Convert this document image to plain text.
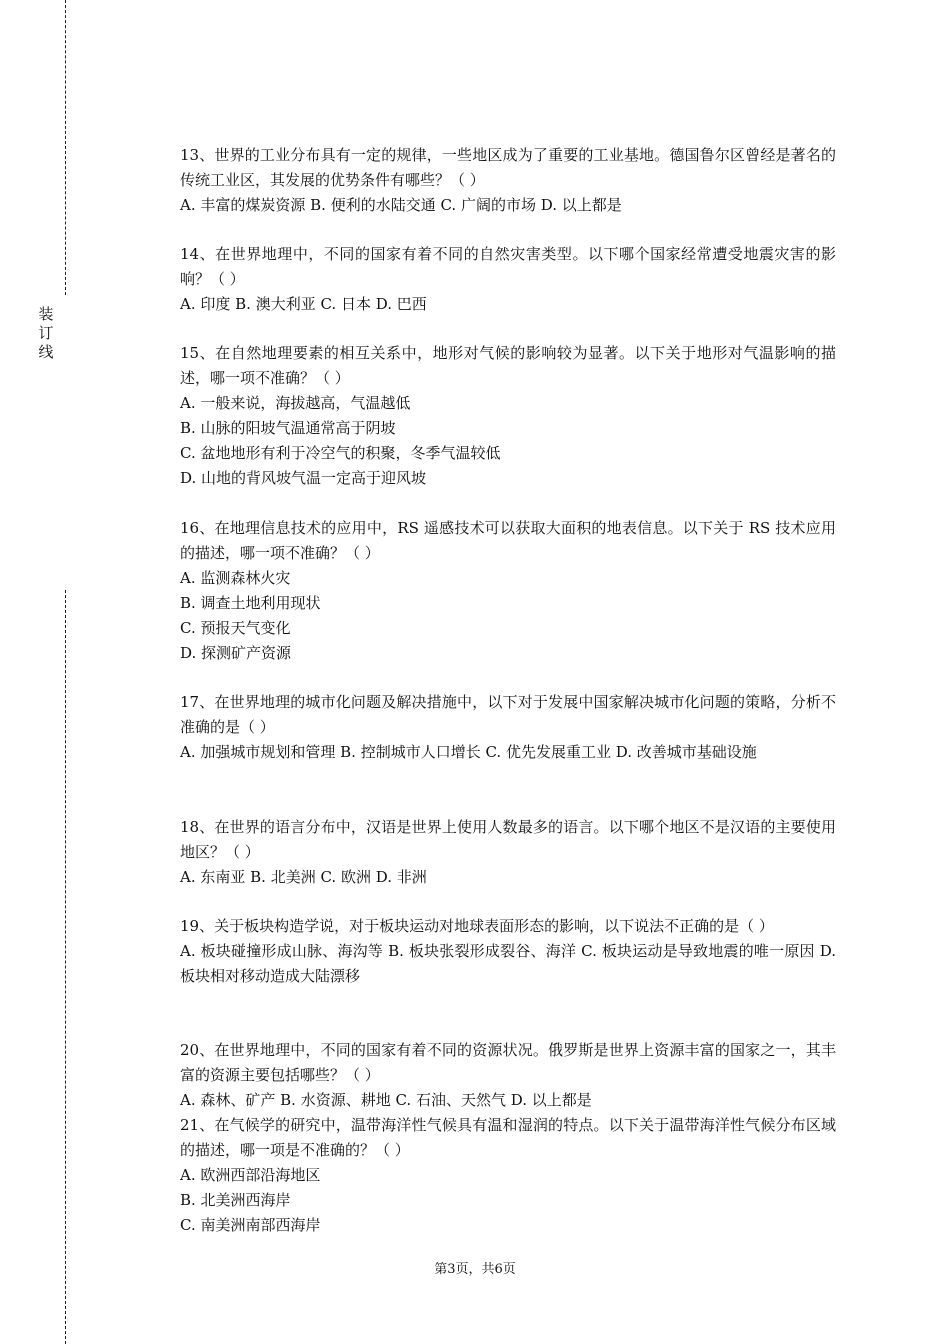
装订线

13、世界的工业分布具有一定的规律，一些地区成为了重要的工业基地。德国鲁尔区曾经是著名的传统工业区，其发展的优势条件有哪些？（ ）

A. 丰富的煤炭资源 B. 便利的水陆交通 C. 广阔的市场 D. 以上都是

14、在世界地理中，不同的国家有着不同的自然灾害类型。以下哪个国家经常遭受地震灾害的影响？（ ）

A. 印度 B. 澳大利亚 C. 日本 D. 巴西

15、在自然地理要素的相互关系中，地形对气候的影响较为显著。以下关于地形对气温影响的描述，哪一项不准确？（ ）

A. 一般来说，海拔越高，气温越低

B. 山脉的阳坡气温通常高于阴坡

C. 盆地地形有利于冷空气的积聚，冬季气温较低

D. 山地的背风坡气温一定高于迎风坡

16、在地理信息技术的应用中，RS 遥感技术可以获取大面积的地表信息。以下关于 RS 技术应用的描述，哪一项不准确？（ ）

A. 监测森林火灾

B. 调查土地利用现状

C. 预报天气变化

D. 探测矿产资源

17、在世界地理的城市化问题及解决措施中，以下对于发展中国家解决城市化问题的策略，分析不准确的是（ ）

A. 加强城市规划和管理 B. 控制城市人口增长 C. 优先发展重工业 D. 改善城市基础设施

18、在世界的语言分布中，汉语是世界上使用人数最多的语言。以下哪个地区不是汉语的主要使用地区？（ ）

A. 东南亚 B. 北美洲 C. 欧洲 D. 非洲

19、关于板块构造学说，对于板块运动对地球表面形态的影响，以下说法不正确的是（ ）

A. 板块碰撞形成山脉、海沟等 B. 板块张裂形成裂谷、海洋 C. 板块运动是导致地震的唯一原因 D. 板块相对移动造成大陆漂移

20、在世界地理中，不同的国家有着不同的资源状况。俄罗斯是世界上资源丰富的国家之一，其丰富的资源主要包括哪些？（ ）

A. 森林、矿产 B. 水资源、耕地 C. 石油、天然气 D. 以上都是

21、在气候学的研究中，温带海洋性气候具有温和湿润的特点。以下关于温带海洋性气候分布区域的描述，哪一项是不准确的？（ ）

A. 欧洲西部沿海地区

B. 北美洲西海岸

C. 南美洲南部西海岸

第3页，共6页
